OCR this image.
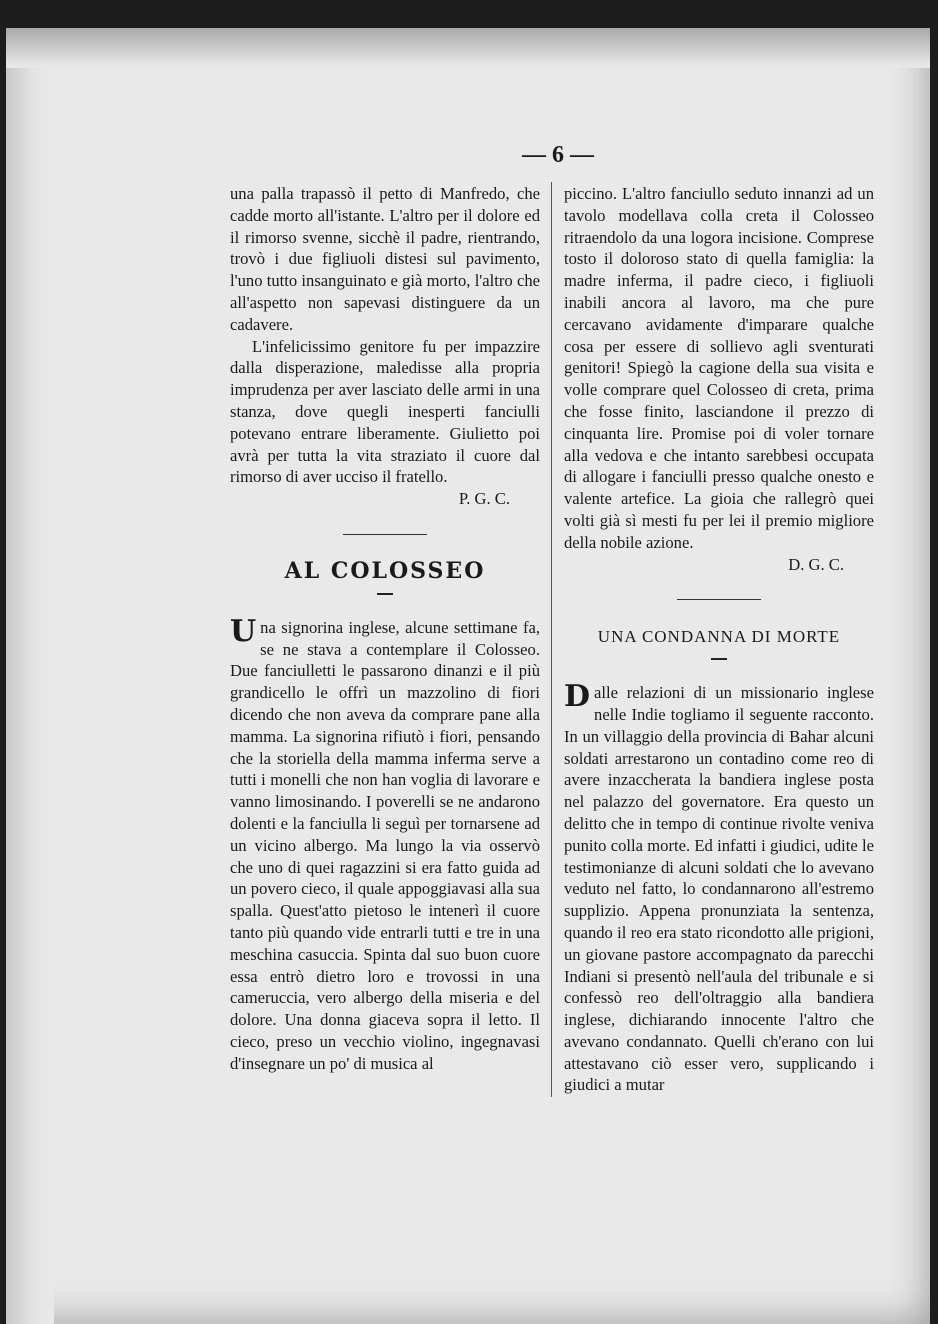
— 6 —

una palla trapassò il petto di Manfredo, che cadde morto all'istante. L'altro per il dolore ed il rimorso svenne, sicchè il padre, rientrando, trovò i due figliuoli distesi sul pavimento, l'uno tutto insanguinato e già morto, l'altro che all'aspetto non sapevasi distinguere da un cadavere.

L'infelicissimo genitore fu per impazzire dalla disperazione, maledisse alla propria imprudenza per aver lasciato delle armi in una stanza, dove quegli inesperti fanciulli potevano entrare liberamente. Giulietto poi avrà per tutta la vita straziato il cuore dal rimorso di aver ucciso il fratello.

P. G. C.

AL COLOSSEO

Una signorina inglese, alcune settimane fa, se ne stava a contemplare il Colosseo. Due fanciulletti le passarono dinanzi e il più grandicello le offrì un mazzolino di fiori dicendo che non aveva da comprare pane alla mamma. La signorina rifiutò i fiori, pensando che la storiella della mamma inferma serve a tutti i monelli che non han voglia di lavorare e vanno limosinando. I poverelli se ne andarono dolenti e la fanciulla li seguì per tornarsene ad un vicino albergo. Ma lungo la via osservò che uno di quei ragazzini si era fatto guida ad un povero cieco, il quale appoggiavasi alla sua spalla. Quest'atto pietoso le intenerì il cuore tanto più quando vide entrarli tutti e tre in una meschina casuccia. Spinta dal suo buon cuore essa entrò dietro loro e trovossi in una cameruccia, vero albergo della miseria e del dolore. Una donna giaceva sopra il letto. Il cieco, preso un vecchio violino, ingegnavasi d'insegnare un po' di musica al

piccino. L'altro fanciullo seduto innanzi ad un tavolo modellava colla creta il Colosseo ritraendolo da una logora incisione. Comprese tosto il doloroso stato di quella famiglia: la madre inferma, il padre cieco, i figliuoli inabili ancora al lavoro, ma che pure cercavano avidamente d'imparare qualche cosa per essere di sollievo agli sventurati genitori! Spiegò la cagione della sua visita e volle comprare quel Colosseo di creta, prima che fosse finito, lasciandone il prezzo di cinquanta lire. Promise poi di voler tornare alla vedova e che intanto sarebbesi occupata di allogare i fanciulli presso qualche onesto e valente artefice. La gioia che rallegrò quei volti già sì mesti fu per lei il premio migliore della nobile azione.

D. G. C.

UNA CONDANNA DI MORTE

Dalle relazioni di un missionario inglese nelle Indie togliamo il seguente racconto. In un villaggio della provincia di Bahar alcuni soldati arrestarono un contadino come reo di avere inzaccherata la bandiera inglese posta nel palazzo del governatore. Era questo un delitto che in tempo di continue rivolte veniva punito colla morte. Ed infatti i giudici, udite le testimonianze di alcuni soldati che lo avevano veduto nel fatto, lo condannarono all'estremo supplizio. Appena pronunziata la sentenza, quando il reo era stato ricondotto alle prigioni, un giovane pastore accompagnato da parecchi Indiani si presentò nell'aula del tribunale e si confessò reo dell'oltraggio alla bandiera inglese, dichiarando innocente l'altro che avevano condannato. Quelli ch'erano con lui attestavano ciò esser vero, supplicando i giudici a mutar
